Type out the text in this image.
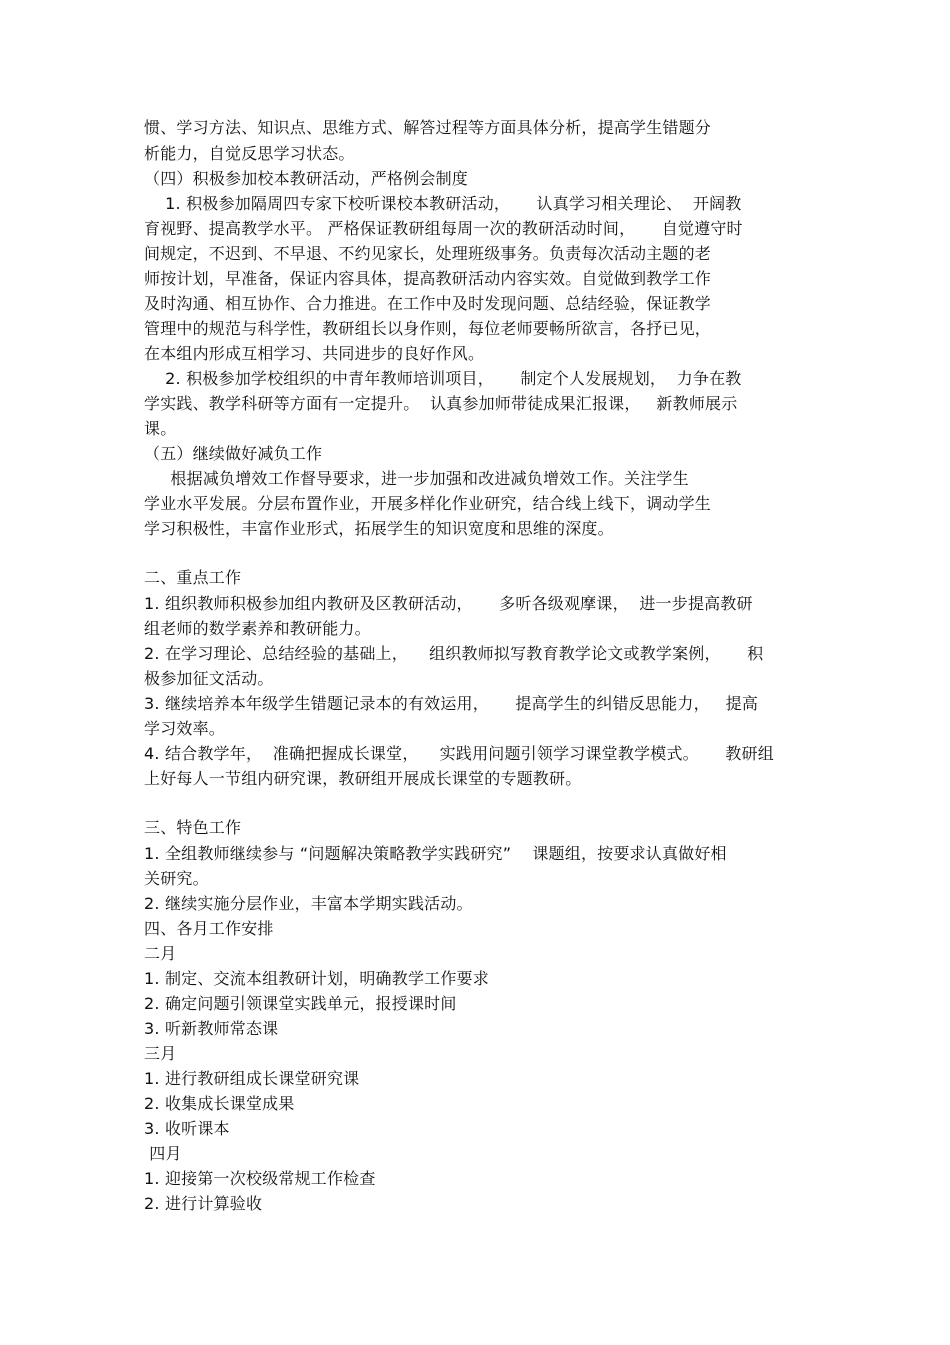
惯、学习方法、知识点、思维方式、解答过程等方面具体分析，提高学生错题分
析能力，自觉反思学习状态。
（四）积极参加校本教研活动，严格例会制度
1. 积极参加隔周四专家下校听课校本教研活动，     认真学习相关理论、  开阔教
育视野、提高教学水平。 严格保证教研组每周一次的教研活动时间，     自觉遵守时
间规定，不迟到、不早退、不约见家长，处理班级事务。负责每次活动主题的老
师按计划，早准备，保证内容具体，提高教研活动内容实效。自觉做到教学工作
及时沟通、相互协作、合力推进。在工作中及时发现问题、总结经验，保证教学
管理中的规范与科学性，教研组长以身作则，每位老师要畅所欲言，各抒已见，
在本组内形成互相学习、共同进步的良好作风。
2. 积极参加学校组织的中青年教师培训项目，     制定个人发展规划，  力争在教
学实践、教学科研等方面有一定提升。  认真参加师带徒成果汇报课，   新教师展示
课。
（五）继续做好减负工作
根据减负增效工作督导要求，进一步加强和改进减负增效工作。关注学生
学业水平发展。分层布置作业，开展多样化作业研究，结合线上线下，调动学生
学习积极性，丰富作业形式，拓展学生的知识宽度和思维的深度。
二、重点工作
1. 组织教师积极参加组内教研及区教研活动，     多听各级观摩课，  进一步提高教研
组老师的数学素养和教研能力。
2. 在学习理论、总结经验的基础上，    组织教师拟写教育教学论文或教学案例，     积
极参加征文活动。
3. 继续培养本年级学生错题记录本的有效运用，     提高学生的纠错反思能力，   提高
学习效率。
4. 结合教学年，  准确把握成长课堂，    实践用问题引领学习课堂教学模式。     教研组
上好每人一节组内研究课，教研组开展成长课堂的专题教研。
三、特色工作
1. 全组教师继续参与 “问题解决策略教学实践研究”    课题组，按要求认真做好相
关研究。
2. 继续实施分层作业，丰富本学期实践活动。
四、各月工作安排
二月
1. 制定、交流本组教研计划，明确教学工作要求
2. 确定问题引领课堂实践单元，报授课时间
3. 听新教师常态课
三月
1. 进行教研组成长课堂研究课
2. 收集成长课堂成果
3. 收听课本
四月
1. 迎接第一次校级常规工作检查
2. 进行计算验收
